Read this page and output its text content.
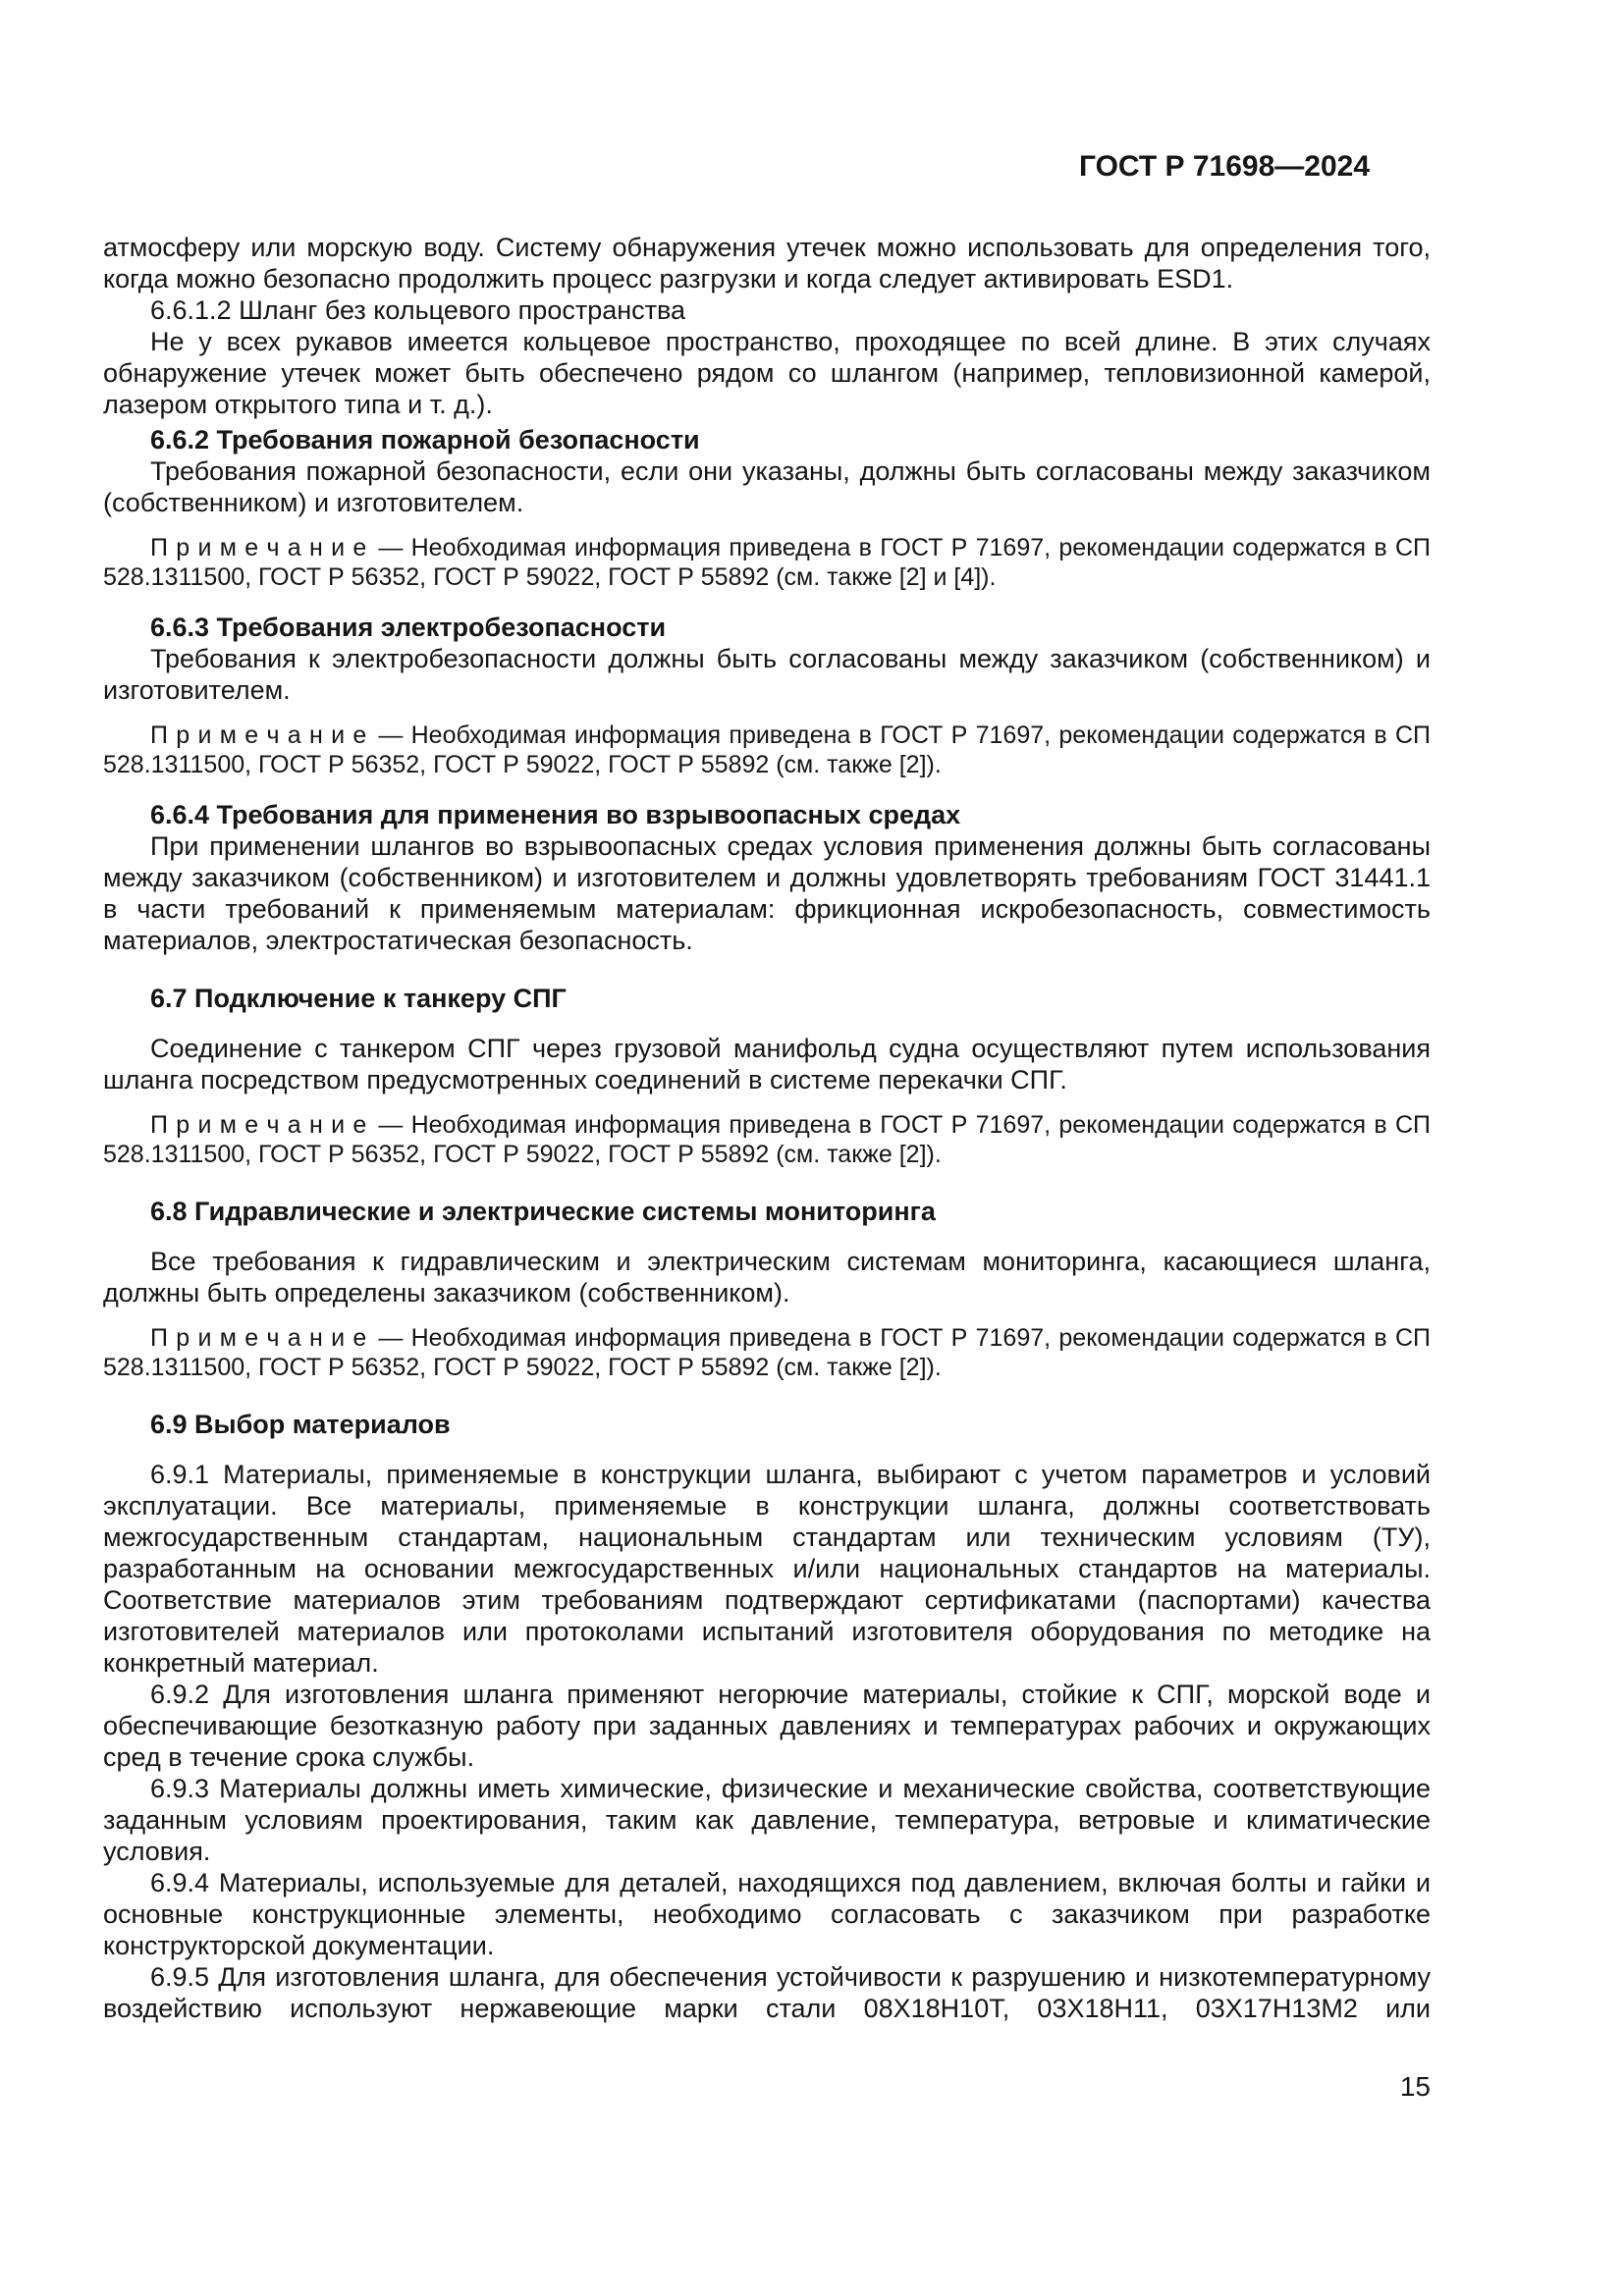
ГОСТ Р 71698—2024

атмосферу или морскую воду. Систему обнаружения утечек можно использовать для определения того, когда можно безопасно продолжить процесс разгрузки и когда следует активировать ESD1.

6.6.1.2 Шланг без кольцевого пространства

Не у всех рукавов имеется кольцевое пространство, проходящее по всей длине. В этих случаях обнаружение утечек может быть обеспечено рядом со шлангом (например, тепловизионной камерой, лазером открытого типа и т. д.).

6.6.2 Требования пожарной безопасности

Требования пожарной безопасности, если они указаны, должны быть согласованы между заказчиком (собственником) и изготовителем.

П р и м е ч а н и е — Необходимая информация приведена в ГОСТ Р 71697, рекомендации содержатся в СП 528.1311500, ГОСТ Р 56352, ГОСТ Р 59022, ГОСТ Р 55892 (см. также [2] и [4]).

6.6.3 Требования электробезопасности

Требования к электробезопасности должны быть согласованы между заказчиком (собственником) и изготовителем.

П р и м е ч а н и е — Необходимая информация приведена в ГОСТ Р 71697, рекомендации содержатся в СП 528.1311500, ГОСТ Р 56352, ГОСТ Р 59022, ГОСТ Р 55892 (см. также [2]).

6.6.4 Требования для применения во взрывоопасных средах

При применении шлангов во взрывоопасных средах условия применения должны быть согласованы между заказчиком (собственником) и изготовителем и должны удовлетворять требованиям ГОСТ 31441.1 в части требований к применяемым материалам: фрикционная искробезопасность, совместимость материалов, электростатическая безопасность.

6.7 Подключение к танкеру СПГ

Соединение с танкером СПГ через грузовой манифольд судна осуществляют путем использования шланга посредством предусмотренных соединений в системе перекачки СПГ.

П р и м е ч а н и е — Необходимая информация приведена в ГОСТ Р 71697, рекомендации содержатся в СП 528.1311500, ГОСТ Р 56352, ГОСТ Р 59022, ГОСТ Р 55892 (см. также [2]).

6.8 Гидравлические и электрические системы мониторинга

Все требования к гидравлическим и электрическим системам мониторинга, касающиеся шланга, должны быть определены заказчиком (собственником).

П р и м е ч а н и е — Необходимая информация приведена в ГОСТ Р 71697, рекомендации содержатся в СП 528.1311500, ГОСТ Р 56352, ГОСТ Р 59022, ГОСТ Р 55892 (см. также [2]).

6.9 Выбор материалов

6.9.1 Материалы, применяемые в конструкции шланга, выбирают с учетом параметров и условий эксплуатации. Все материалы, применяемые в конструкции шланга, должны соответствовать межгосударственным стандартам, национальным стандартам или техническим условиям (ТУ), разработанным на основании межгосударственных и/или национальных стандартов на материалы. Соответствие материалов этим требованиям подтверждают сертификатами (паспортами) качества изготовителей материалов или протоколами испытаний изготовителя оборудования по методике на конкретный материал.

6.9.2 Для изготовления шланга применяют негорючие материалы, стойкие к СПГ, морской воде и обеспечивающие безотказную работу при заданных давлениях и температурах рабочих и окружающих сред в течение срока службы.

6.9.3 Материалы должны иметь химические, физические и механические свойства, соответствующие заданным условиям проектирования, таким как давление, температура, ветровые и климатические условия.

6.9.4 Материалы, используемые для деталей, находящихся под давлением, включая болты и гайки и основные конструкционные элементы, необходимо согласовать с заказчиком при разработке конструкторской документации.

6.9.5 Для изготовления шланга, для обеспечения устойчивости к разрушению и низкотемпературному воздействию используют нержавеющие марки стали 08Х18Н10Т, 03Х18Н11, 03Х17Н13М2 или

15
